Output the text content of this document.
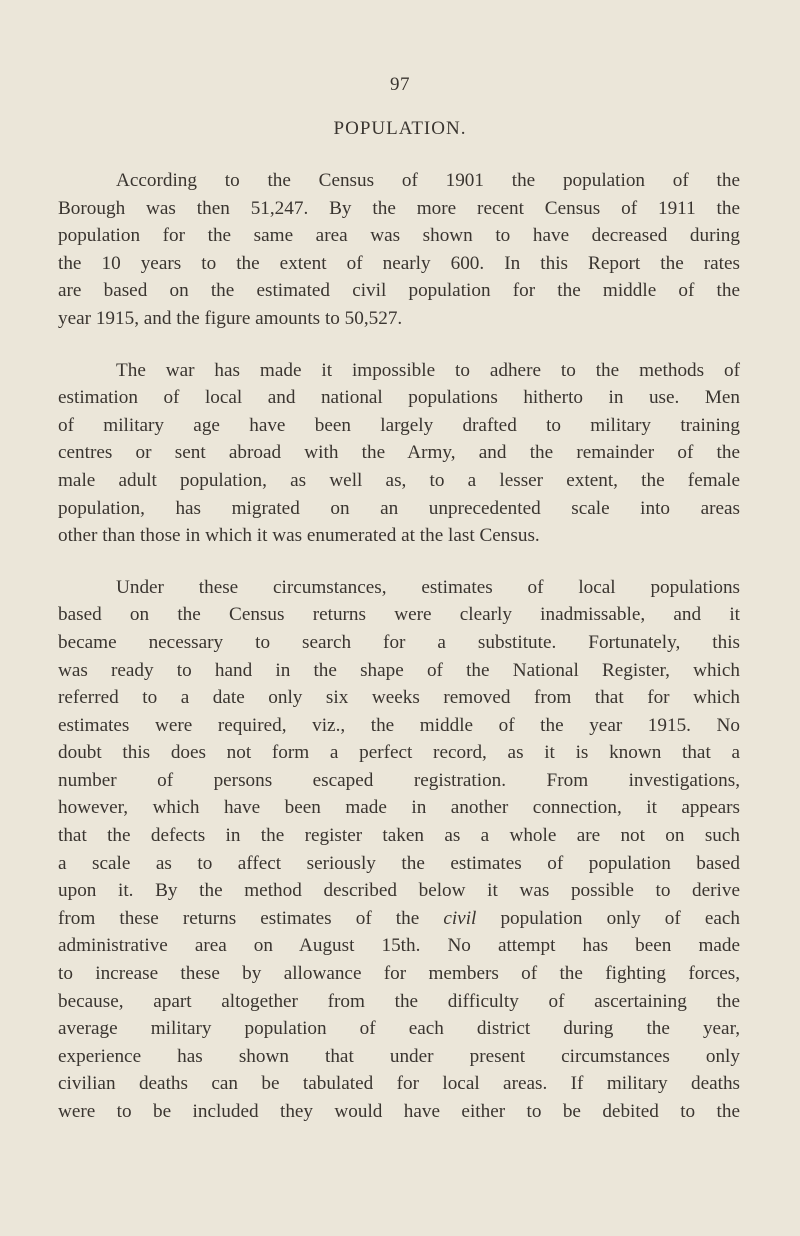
97
POPULATION.

According to the Census of 1901 the population of the
Borough was then 51,247. By the more recent Census of 1911 the
population for the same area was shown to have decreased during
the 10 years to the extent of nearly 600. In this Report the rates
are based on the estimated civil population for the middle of the
year 1915, and the figure amounts to 50,527.

The war has made it impossible to adhere to the methods of
estimation of local and national populations hitherto in use. Men
of military age have been largely drafted to military training
centres or sent abroad with the Army, and the remainder of the
male adult population, as well as, to a lesser extent, the female
population, has migrated on an unprecedented scale into areas
other than those in which it was enumerated at the last Census.

Under these circumstances, estimates of local populations
based on the Census returns were clearly inadmissable, and it
became necessary to search for a substitute. Fortunately, this
was ready to hand in the shape of the National Register, which
referred to a date only six weeks removed from that for which
estimates were required, viz., the middle of the year 1915. No
doubt this does not form a perfect record, as it is known that a
number of persons escaped registration. From investigations,
however, which have been made in another connection, it appears
that the defects in the register taken as a whole are not on such
a scale as to affect seriously the estimates of population based
upon it. By the method described below it was possible to derive
from these returns estimates of the civil population only of each
administrative area on August 15th. No attempt has been made
to increase these by allowance for members of the fighting forces,
because, apart altogether from the difficulty of ascertaining the
average military population of each district during the year,
experience has shown that under present circumstances only
civilian deaths can be tabulated for local areas. If military deaths
were to be included they would have either to be debited to the
